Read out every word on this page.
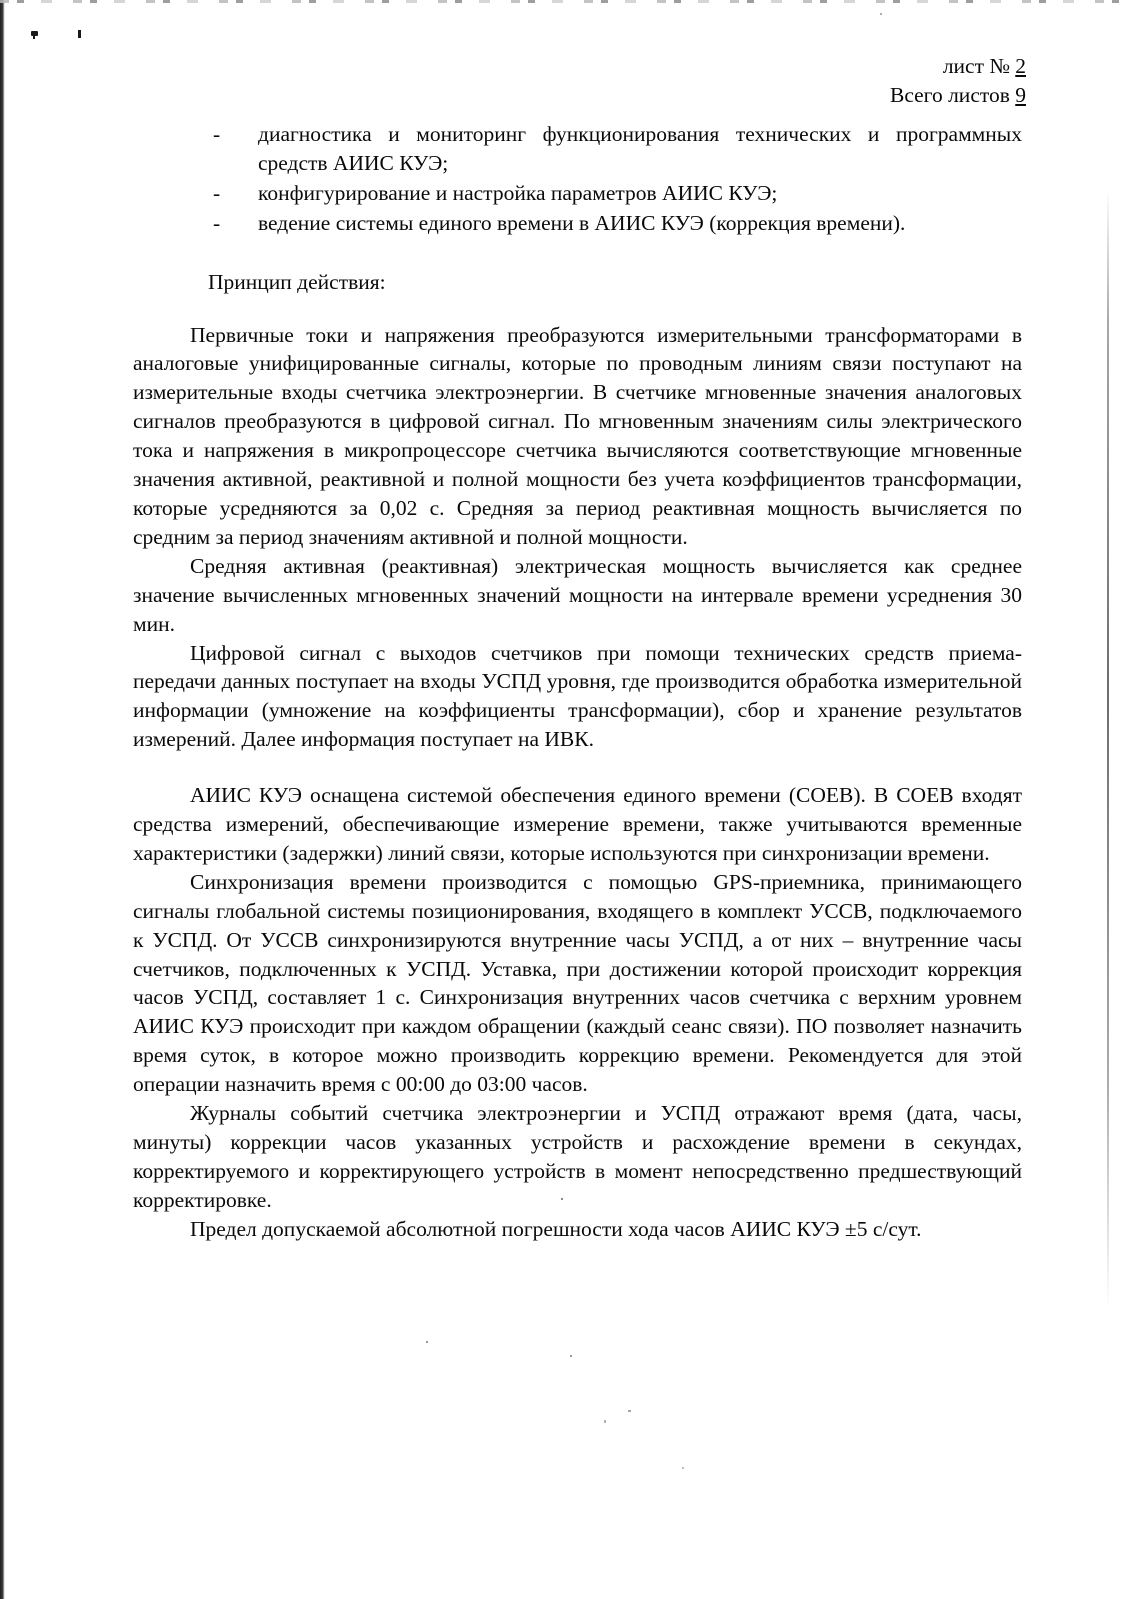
лист № 2
Всего листов 9
- диагностика и мониторинг функционирования технических и программных средств АИИС КУЭ;
- конфигурирование и настройка параметров АИИС КУЭ;
- ведение системы единого времени в АИИС КУЭ (коррекция времени).
Принцип действия:

Первичные токи и напряжения преобразуются измерительными трансформаторами в аналоговые унифицированные сигналы, которые по проводным линиям связи поступают на измерительные входы счетчика электроэнергии. В счетчике мгновенные значения аналоговых сигналов преобразуются в цифровой сигнал. По мгновенным значениям силы электрического тока и напряжения в микропроцессоре счетчика вычисляются соответствующие мгновенные значения активной, реактивной и полной мощности без учета коэффициентов трансформации, которые усредняются за 0,02 с. Средняя за период реактивная мощность вычисляется по средним за период значениям активной и полной мощности.

Средняя активная (реактивная) электрическая мощность вычисляется как среднее значение вычисленных мгновенных значений мощности на интервале времени усреднения 30 мин.

Цифровой сигнал с выходов счетчиков при помощи технических средств приема-передачи данных поступает на входы УСПД уровня, где производится обработка измерительной информации (умножение на коэффициенты трансформации), сбор и хранение результатов измерений. Далее информация поступает на ИВК.

АИИС КУЭ оснащена системой обеспечения единого времени (СОЕВ). В СОЕВ входят средства измерений, обеспечивающие измерение времени, также учитываются временные характеристики (задержки) линий связи, которые используются при синхронизации времени.

Синхронизация времени производится с помощью GPS-приемника, принимающего сигналы глобальной системы позиционирования, входящего в комплект УССВ, подключаемого к УСПД. От УССВ синхронизируются внутренние часы УСПД, а от них – внутренние часы счетчиков, подключенных к УСПД. Уставка, при достижении которой происходит коррекция часов УСПД, составляет 1 с. Синхронизация внутренних часов счетчика с верхним уровнем АИИС КУЭ происходит при каждом обращении (каждый сеанс связи). ПО позволяет назначить время суток, в которое можно производить коррекцию времени. Рекомендуется для этой операции назначить время с 00:00 до 03:00 часов.

Журналы событий счетчика электроэнергии и УСПД отражают время (дата, часы, минуты) коррекции часов указанных устройств и расхождение времени в секундах, корректируемого и корректирующего устройств в момент непосредственно предшествующий корректировке.

Предел допускаемой абсолютной погрешности хода часов АИИС КУЭ ±5 с/сут.
